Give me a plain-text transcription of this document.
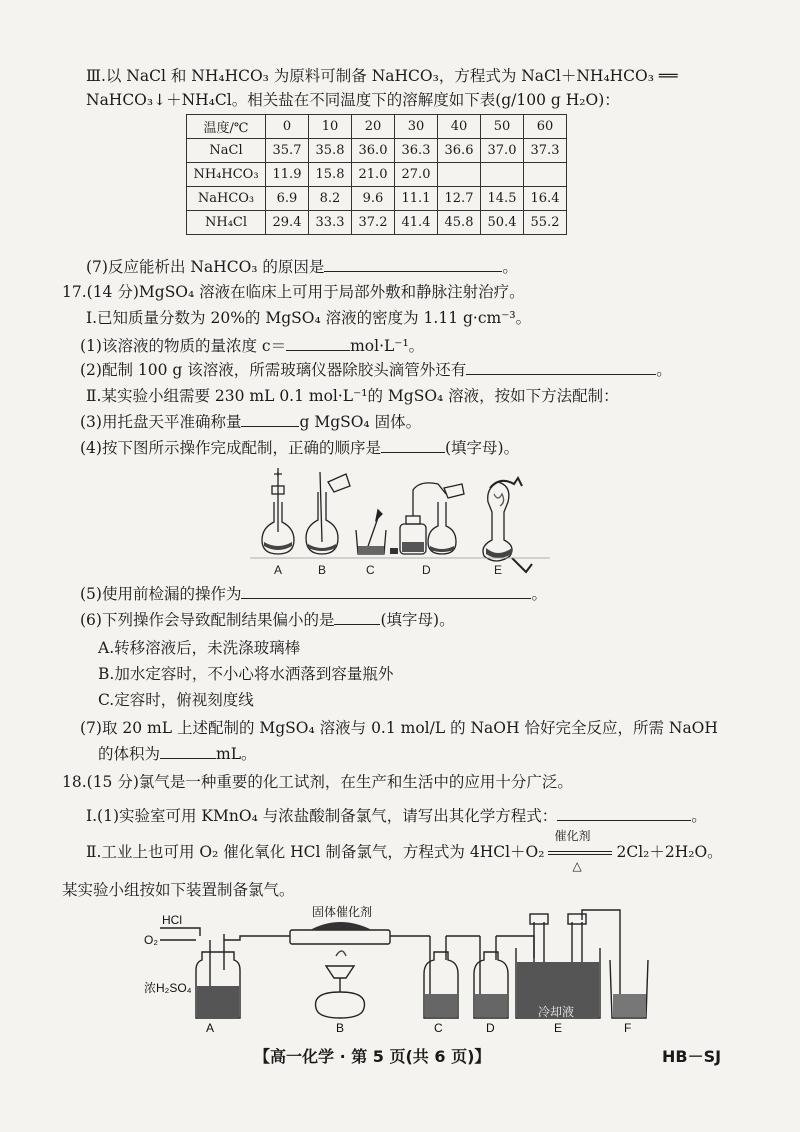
Ⅲ.以 NaCl 和 NH₄HCO₃ 为原料可制备 NaHCO₃，方程式为 NaCl＋NH₄HCO₃ ══
NaHCO₃↓＋NH₄Cl。相关盐在不同温度下的溶解度如下表(g/100 g H₂O)：
温度/℃	0	10	20	30	40	50	60
NaCl	35.7	35.8	36.0	36.3	36.6	37.0	37.3
NH₄HCO₃	11.9	15.8	21.0	27.0			
NaHCO₃	6.9	8.2	9.6	11.1	12.7	14.5	16.4
NH₄Cl	29.4	33.3	37.2	41.4	45.8	50.4	55.2
(7)反应能析出 NaHCO₃ 的原因是	。
17.(14 分)MgSO₄ 溶液在临床上可用于局部外敷和静脉注射治疗。
Ⅰ.已知质量分数为 20%的 MgSO₄ 溶液的密度为 1.11 g·cm⁻³。
(1)该溶液的物质的量浓度 c＝	mol·L⁻¹。
(2)配制 100 g 该溶液，所需玻璃仪器除胶头滴管外还有	。
Ⅱ.某实验小组需要 230 mL 0.1 mol·L⁻¹的 MgSO₄ 溶液，按如下方法配制：
(3)用托盘天平准确称量	g MgSO₄ 固体。
(4)按下图所示操作完成配制，正确的顺序是	(填字母)。
A	B	C	D	E
(5)使用前检漏的操作为	。
(6)下列操作会导致配制结果偏小的是	(填字母)。
A.转移溶液后，未洗涤玻璃棒
B.加水定容时，不小心将水洒落到容量瓶外
C.定容时，俯视刻度线
(7)取 20 mL 上述配制的 MgSO₄ 溶液与 0.1 mol/L 的 NaOH 恰好完全反应，所需 NaOH
的体积为	mL。
18.(15 分)氯气是一种重要的化工试剂，在生产和生活中的应用十分广泛。
Ⅰ.(1)实验室可用 KMnO₄ 与浓盐酸制备氯气，请写出其化学方程式：	。
Ⅱ.工业上也可用 O₂ 催化氧化 HCl 制备氯气，方程式为 4HCl＋O₂
催化剂
△
2Cl₂＋2H₂O。
某实验小组按如下装置制备氯气。
HCl
O₂
浓H₂SO₄
固体催化剂
冷却液
A	B	C	D	E	F
【高一化学 · 第 5 页(共 6 页)】	HB－SJ
